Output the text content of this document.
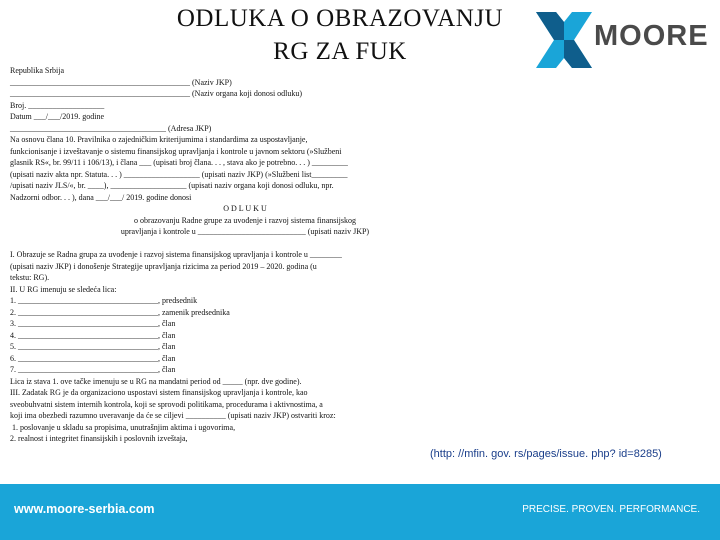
ODLUKA O OBRAZOVANJU
RG ZA FUK	MOORE
Republika Srbija
_____________________________________________ (Naziv JKP)
_____________________________________________ (Naziv organa koji donosi odluku)
Broj. ___________________
Datum ___/___/2019. godine
_______________________________________ (Adresa JKP)
Na osnovu člana 10. Pravilnika o zajedničkim kriterijumima i standardima za uspostavljanje,
funkcionisanje i izveštavanje o sistemu finansijskog upravljanja i kontrole u javnom sektoru (»Službeni
glasnik RS«, br. 99/11 i 106/13), i člana ___ (upisati broj člana. . . , stava ako je potrebno. . . ) _________
(upisati naziv akta npr. Statuta. . . ) ___________________ (upisati naziv JKP) (»Službeni list_________
/upisati naziv JLS/«, br. ____), ___________________ (upisati naziv organa koji donosi odluku, npr.
Nadzorni odbor. . . ), dana ___/___/ 2019. godine donosi
O D L U K U
o obrazovanju Radne grupe za uvođenje i razvoj sistema finansijskog
upravljanja i kontrole u ___________________________ (upisati naziv JKP)
I. Obrazuje se Radna grupa za uvođenje i razvoj sistema finansijskog upravljanja i kontrole u ________
(upisati naziv JKP) i donošenje Strategije upravljanja rizicima za period 2019 – 2020. godina (u
tekstu: RG).
II. U RG imenuju se sledeća lica:
1. ___________________________________, predsednik
2. ___________________________________, zamenik predsednika
3. ___________________________________, član
4. ___________________________________, član
5. ___________________________________, član
6. ___________________________________, član
7. ___________________________________, član
Lica iz stava 1. ove tačke imenuju se u RG na mandatni period od _____ (npr. dve godine).
III. Zadatak RG je da organizaciono uspostavi sistem finansijskog upravljanja i kontrole, kao
sveobuhvatni sistem internih kontrola, koji se sprovodi politikama, procedurama i aktivnostima, a
koji ima obezbedi razumno uveravanje da će se ciljevi __________ (upisati naziv JKP) ostvariti kroz:
1. poslovanje u skladu sa propisima, unutrašnjim aktima i ugovorima,
2. realnost i integritet finansijskih i poslovnih izveštaja,
(http: //mfin. gov. rs/pages/issue. php? id=8285)
www.moore-serbia.com	PRECISE. PROVEN. PERFORMANCE.
